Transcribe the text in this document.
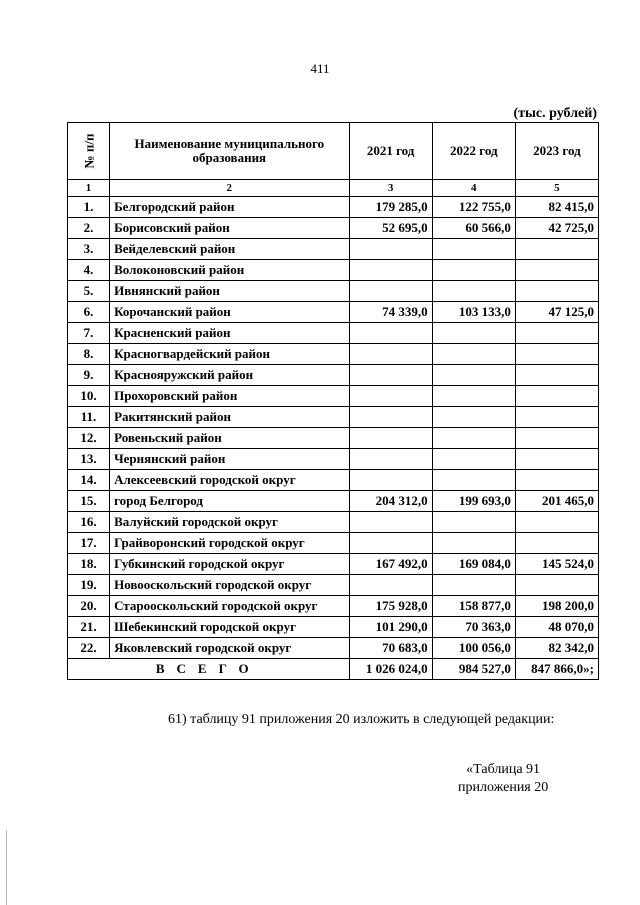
411
(тыс. рублей)
№ п/п	Наименование муниципального образования	2021 год	2022 год	2023 год
1	2	3	4	5
1.	Белгородский район	179 285,0	122 755,0	82 415,0
2.	Борисовский район	52 695,0	60 566,0	42 725,0
3.	Вейделевский район			
4.	Волоконовский район			
5.	Ивнянский район			
6.	Корочанский район	74 339,0	103 133,0	47 125,0
7.	Красненский район			
8.	Красногвардейский район			
9.	Краснояружский район			
10.	Прохоровский район			
11.	Ракитянский район			
12.	Ровеньский район			
13.	Чернянский район			
14.	Алексеевский городской округ			
15.	город Белгород	204 312,0	199 693,0	201 465,0
16.	Валуйский городской округ			
17.	Грайворонский городской округ			
18.	Губкинский городской округ	167 492,0	169 084,0	145 524,0
19.	Новооскольский городской округ			
20.	Старооскольский городской округ	175 928,0	158 877,0	198 200,0
21.	Шебекинский городской округ	101 290,0	70 363,0	48 070,0
22.	Яковлевский городской округ	70 683,0	100 056,0	82 342,0
ВСЕГО		1 026 024,0	984 527,0	847 866,0»;
61) таблицу 91 приложения 20 изложить в следующей редакции:
«Таблица 91
приложения 20
